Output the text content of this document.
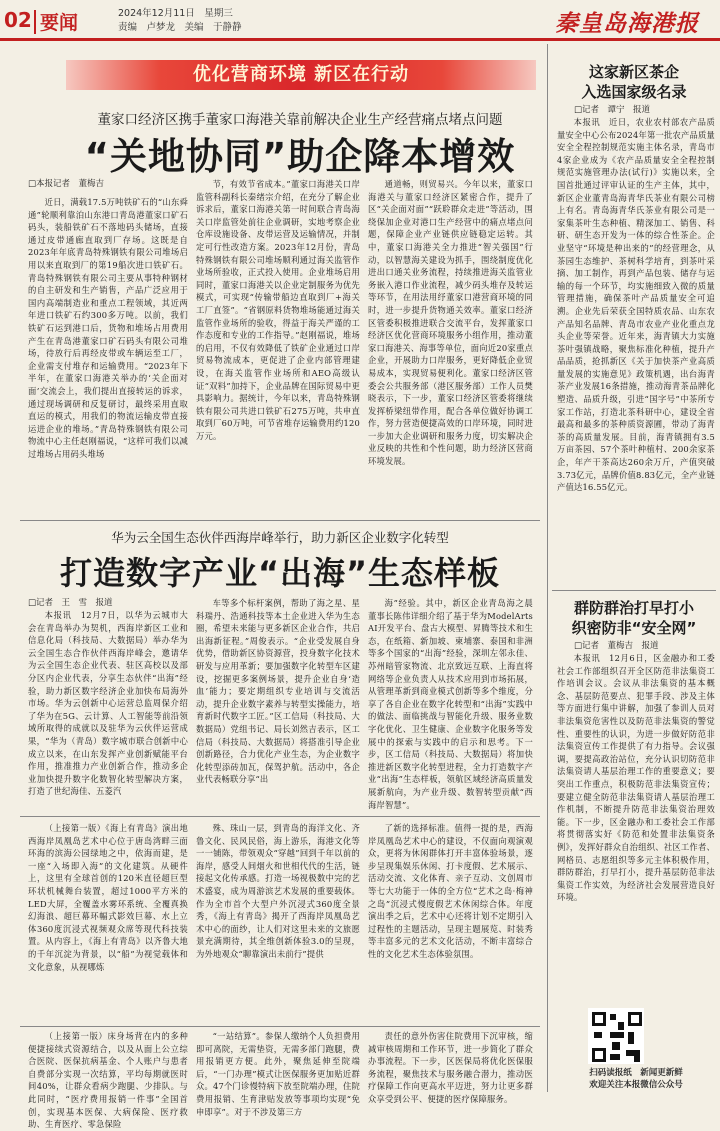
02 要闻	2024年12月11日　星期三
责编　卢梦龙　美编　于静静	秦皇岛海港报
优化营商环境 新区在行动
董家口经济区携手董家口海港关靠前解决企业生产经营痛点堵点问题
“关地协同”助企降本增效
□本报记者　董梅吉

近日，满载17.5万吨铁矿石的“山东舜通”轮顺利靠泊山东港口青岛港董家口矿石码头，装船铁矿石不落地码头储场，直接通过皮带通廊直取到厂存场。这既是自2023年年底青岛特殊钢铁有限公司堆场启用以来直取到厂的第19船次进口铁矿石。青岛特殊钢铁有限公司主要从事特种钢材的自主研发和生产销售，产品广泛应用于国内高端制造业和重点工程领域，其近两年进口铁矿石约300多万吨。以前，我们铁矿石运到港口后，货物和堆场占用费用产生在青岛港董家口矿石码头有限公司堆场，待放行后再经皮带或车辆运至工厂，企业需支付堆存和运输费用。“2023年下半年，在董家口海港关举办的‘关企面对面’交流会上，我们提出直接转运的诉求，通过现场调研和反复研讨，最终采用直取直运的模式，用我们的物流运输皮带直接运进企业的堆场。”青岛特殊钢铁有限公司物流中心主任赵刚福说，“这样可我们以减过堆场占用码头堆场

节，有效节省成本。”董家口海港关口岸监管科副科长秦绪宗介绍，在充分了解企业诉求后，董家口海港关第一时间联合青岛海关口岸监管处前往企业调研，实地考察企业仓库设施设备、皮带运营及运输情况，并制定可行性改造方案。2023年12月份，青岛特殊钢铁有限公司堆场顺利通过海关监管作业场所验收，正式投入使用。企业堆场启用同时，董家口海港关以企业定制服务为优先模式，可实现“传输带船边直取到厂+海关工厂直签”。“省钢原料货物堆场能通过海关监管作业场所的验收，得益于海关严谨的工作态度和专业的工作指导。”赵刚福说，堆场的启用，不仅有效降低了铁矿企业通过口岸贸易物流成本，更促进了企业内部管理建设，在海关监管作业场所和AEO高级认证“双料”加持下，企业品牌在国际贸易中更具影响力。据统计，今年以来，青岛特殊钢铁有限公司共进口铁矿石275万吨，共申直取到厂60万吨，可节省堆存运输费用约120万元。

通道畅，则贸易兴。今年以来，董家口海港关与董家口经济区紧密合作，提升了区“关企面对面”“跃聆群众走进”等活动，围绕保加企业对港口生产经营中的痛点堵点问题，保障企业产业链供应链稳定运转。其中，董家口海港关全力推进“智关强国”行动，以智慧海关建设为抓手，围绕制度优化进出口通关业务流程，持续推进海关监管业务嵌入港口作业流程，减少码头堆存及转运等环节，在用法用纾董家口港营商环境的同时，进一步提升货物通关效率。董家口经济区管委积极推进联合交流平台，发挥董家口经济区优化营商环境服务小组作用，推动董家口海港关、海事等单位，面向近20家重点企业，开展助力口岸服务，更好降低企业贸易成本，实现贸易便利化。董家口经济区管委会公共服务部（港区服务部）工作人员樊晓表示，下一步，董家口经济区管委将继续发挥桥梁纽带作用，配合各单位做好协调工作，努力营造便捷高效的口岸环境，同时进一步加大企业调研和服务力度，切实解决企业反映的共性和个性问题，助力经济区营商环境发展。

华为云全国生态伙伴西海岸峰举行，助力新区企业数字化转型
打造数字产业“出海”生态样板
□记者　王　雪　报道

本报讯　12月7日，以华为云城市大会在青岛举办为契机，西海岸新区工业和信息化局（科技局、大数据局）举办华为云全国生态合作伙伴西海岸峰会，邀请华为云全国生态企业代表、驻区高校以及部分区内企业代表，分享生态伙伴“出海”经验，助力新区数字经济企业加快布局海外市场。华为云创新中心运营总监周保介绍了华为在5G、云计算、人工智能等前沿领域所取得的成就以及驻华为云伙伴运营成果，“华为（青岛）数字城市联合创新中心成立以来，在山东发挥产业创新赋能平台作用，推准推力产业创新合作，推动多企业加快提升数字化数智化转型解决方案，打造了世纪海佳、五菱汽

车等多个标杆案例，帮助了海之星、星科瑞丹、浩通科技等本土企业进入华为生态圈，希望未来能与更多新区企业合作，共启出海新征程。”周俊表示。“企业受发展自身优势，借助新区协资源营，投身数字化技术研发与应用革新；要加强数字化转型车区建设，挖掘更多案例场景，提升企业自身‘造血’能力；要定期组织专业培训与交流活动，提升企业数字素养与转型实操能力，培育新时代数字工匠。”区工信局（科技局、大数据局）党组书记、局长刘然吉表示，区工信局（科技局、大数据局）将搭准引导企业创新路径，合力优化产业生态，为企业数字化转型添砖加瓦，保驾护航。活动中，各企业代表畅联分享“出

海”经验。其中，新区企业青岛海之晨董事长陈伟详细介绍了基于华为ModelArts AI开发平台、盘古大模型、昇腾等技术和生态，在纸箱、新加坡、柬埔寨、泰国和非洲等多个国家的“出海”经验，深圳左邻永佳、苏州暗管家物流、北京致远互联、上海直将网络等企业负责人从技术应用到市场拓展，从管理革新到商业模式创新等多个维度，分享了各自企业在数字化转型和“出海”实践中的做法、面临挑战与智能化升级、服务业数字化优化、卫生健康、企业数字化服务等发展中的探索与实践中的启示和思考。下一步，区工信局（科技局、大数据局）将加快推进新区数字化转型进程，全力打造数字产业“出海”生态样板，领航区域经济高质量发展新航向，为产业升级、数智转型贡献“西海岸智慧”。

（上接第一版）《海上有青岛》演出地西海岸凤凰岛艺术中心位于唐岛湾畔三面环海的滨海公园绿地之中，依海而建，是一座“入场即入海”的文化建筑。从硬件上，这里有全球首创的120米直径超巨型环状机械舞台装置，超过1000平方米的LED大屏，全覆盖水雾环系统、全覆真换幻海浪、超巨幕环幅式影效巨幕、水上立体360度沉浸式视频观众席等现代科技装置。从内容上，《海上有青岛》以齐鲁大地的千年沉淀为背景，以“船”为视觉载体和文化意象，从视哪炼

殊、珠山一层，到青岛的海洋文化、齐鲁文化、民风民俗，海上游乐，海港文化等一一铺陈，带领观众“穿越”回到千年以前的海岸，感受人间烟火和世相代代的生活，链接起文化传承感。打造一场视极数中完的艺术盛宴，成为周游滨艺术发展的重要载体。作为全市首个大型户外沉浸式360度全景秀，《海上有青岛》揭开了西海岸凤凰岛艺术中心的面纱，让人们对这里未来的文旅愿景充满期待，其全维创新体验3.0的呈现，为外地观众“聊靠演出未前行”提供

了新的选择标准。值得一提的是，西海岸凤凰岛艺术中心的建设，不仅面向观演观众，更将为休闲群体打开丰富体验场景，逐步呈现集娱乐休闲、打卡度假、艺术展示、活动交流、文化体育、亲子互动、文创周市等七大功能于一体的全方位“艺术之岛·梅神之岛”沉浸式慢度假艺术休闲综合体。年度演出季之后，艺术中心还将计划不定期引入过程性的主题活动，呈现主题展览、时装秀等丰富多元的艺术文化活动，不断丰富综合性的文化艺术生态体验氛围。

（上接第一版）床身场背在内的多种便捷接续式资源结合，以及从面上公立综合医院、医保抗病基金、个人账户与患者自费部分实现一次结算，平均每期就医时间40%，让群众看病少跑腿、少排队。与此同时，“医疗费用报销一件事”全国首创，实现基本医保、大病保险、医疗救助、生育医疗、零急保险

“一站结算”。参保人缴纳个人负担费用即可离院，无需垫资，无需多部门跑腿，费用报销更方便。此外，聚焦延伸至院端后，“一门办理”模式让医保服务更加贴近群众。47个门诊慢特病下放至院端办理，住院费用报销、生育津贴发放等事项均实现“免申即享”。对于不涉及第三方

责任的意外伤害住院费用下沉审核，缩减审核周期和工作环节，进一步简化了群众办事流程。下一步，区医保局将优化医保服务流程，聚焦技术与服务融合潜力，推动医疗保障工作向更高水平迈进，努力让更多群众享受到公平、便捷的医疗保障服务。

这家新区茶企
入选国家级名录
□记者　谭宁　报道

本报讯　近日，农业农村部农产品质量安全中心公布2024年第一批农产品质量安全全程控制规范实施主体名录，青岛市4家企业成为《农产品质量安全全程控制规范实施管理办法(试行)》实施以来，全国首批通过评审认证的生产主体，其中，新区企业董青岛海青华氏茶业有限公司榜上有名。青岛海青华氏茶业有限公司是一家集茶叶生态种植、精深加工、销售、科研、研生态开发为一体的综合性茶企。企业坚守“环境是种出来的”的经营理念，从茶园生态维护、茶树科学培育，到茶叶采摘、加工制作，再到产品包装、储存与运输的每一个环节，均实施细致入微的质量管理措施，确保茶叶产品质量安全可追溯。企业先后荣获全国特质农品、山东农产品知名品牌、青岛市农业产业化重点龙头企业等荣誉。近年来，海青镇大力实施茶叶强镇战略，聚焦标准化种植，提升产品品质，抢抓新区《关于加快茶产业高质量发展的实施意见》政策机遇，出台海青茶产业发展16条措施，推动海青茶品牌化塑造、品质升级，引进“国字号”中茶所专家工作站，打造北茶科研中心，建设全省最高和最多的茶种质资源圃，带动了海青茶的高质量发展。目前，海青镇拥有3.5万亩茶园、57个茶叶种植村、200余家茶企，年产干茶高达260余万斤，产值突破3.73亿元，品牌价值8.83亿元，全产业链产值达16.55亿元。

群防群治打早打小
织密防非“安全网”
□记者　董梅吉　报道

本报讯　12月6日，区金融办和工委社会工作部组织召开全区防范非法集资工作培训会议。会议从非法集资的基本概念、基层防范要点、犯罪手段、涉及主体等方面进行集中讲解，加强了参训人员对非法集资危害性以及防范非法集资的警觉性、重要性的认识，为进一步做好防范非法集资宣传工作提供了有力指导。会议强调，要提高政治站位，充分认识切防范非法集资请人基层治理工作的重要意义；要突出工作重点，积极防范非法集资宣传；要建立健全防范非法集资请人基层治理工作机制，不断提升防范非法集资治理效能。下一步，区金融办和工委社会工作部将贯彻落实好《防范和处置非法集资条例》，发挥好群众自治组织、社区工作者、网格员、志愿组织等多元主体积极作用，群防群治，打早打小，提升基层防范非法集资工作实效，为经济社会发展营造良好环境。

扫码读报纸　新闻更新鲜
欢迎关注本报微信公众号
